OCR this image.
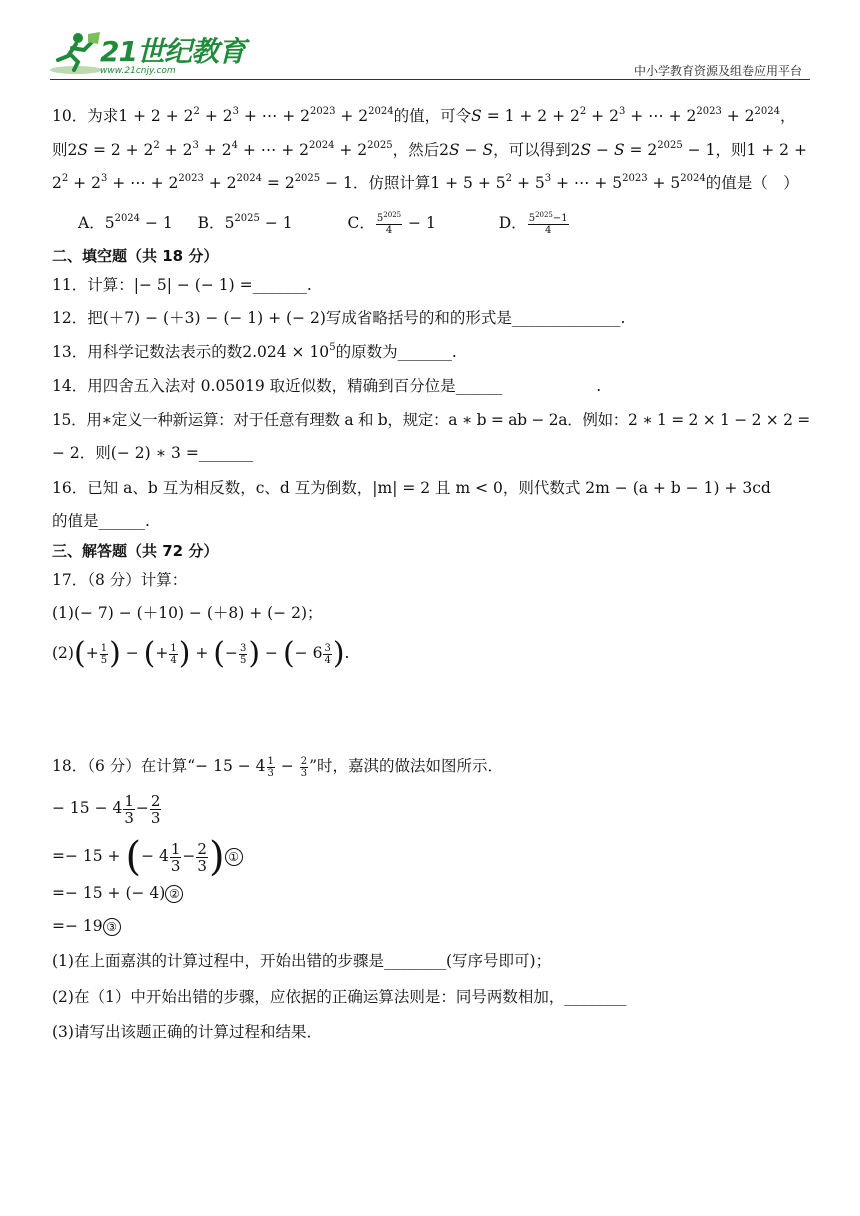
21世纪教育
www.21cnjy.com	中小学教育资源及组卷应用平台
10．为求$1 + 2 + 2^2 + 2^3$ + ⋯ + $2^{2023} + 2^{2024}$的值，可令$S = 1 + 2 + 2^2 + 2^3$ + ⋯ + $2^{2023} + 2^{2024}$，
则$2S = 2 + 2^2 + 2^3 + 2^4$ + ⋯ + $2^{2024} + 2^{2025}$，然后2S − S，可以得到$2S - S = 2^{2025} - 1$，则1 + 2 +
$2^2 + 2^3$ + ⋯ + $2^{2023} + 2^{2024} = 2^{2025} - 1$．仿照计算$1 + 5 + 5^2 + 5^3$ + ⋯ + $5^{2023} + 5^{2024}$的值是（　）
A．$5^{2024} - 1$ B．$5^{2025} - 1$	C． $\frac{5^{2025}}{4} - 1$	D． $\frac{5^{2025}-1}{4}$
二、填空题（共 18 分）
11．计算：|− 5| − (− 1) =_______.
12．把(＋7) − (＋3) − (− 1) + (− 2)写成省略括号的和的形式是______________.
13．用科学记数法表示的数$2.024 \times 10^5$的原数为_______.
14．用四舍五入法对 0.05019 取近似数，精确到百分位是______	.
15．用∗定义一种新运算：对于任意有理数 a 和 b，规定：a ∗ b = ab − 2a．例如：2 ∗ 1 = 2 × 1 − 2 × 2 =
− 2．则(− 2) ∗ 3 =_______
16．已知 a、b 互为相反数，c、d 互为倒数，|m| = 2 且 m < 0，则代数式 2m − (a + b − 1) + 3cd
的值是______.
三、解答题（共 72 分）
17．（8 分）计算：
(1)(− 7) − (＋10) − (＋8) + (− 2)；
$(2)(+ \frac{1}{5}$ ) − (+ $\frac{1}{4}$ ) + (− $\frac{3}{5}$ ) − (− $6 \frac{3}{4}$ ).
18．（6 分）在计算“− $15 - 4 \frac{1}{3} - \frac{2}{3}$ ”时，嘉淇的做法如图所示．
− $15 - 4 \frac{1}{3} - \frac{2}{3}$
=− 15 + (− $4 \frac{1}{3} - \frac{2}{3}$ ) ①
=− 15 + (− 4) ②
=− 19 ③
(1)在上面嘉淇的计算过程中，开始出错的步骤是________(写序号即可)；
(2)在（1）中开始出错的步骤，应依据的正确运算法则是：同号两数相加，________
(3)请写出该题正确的计算过程和结果．
